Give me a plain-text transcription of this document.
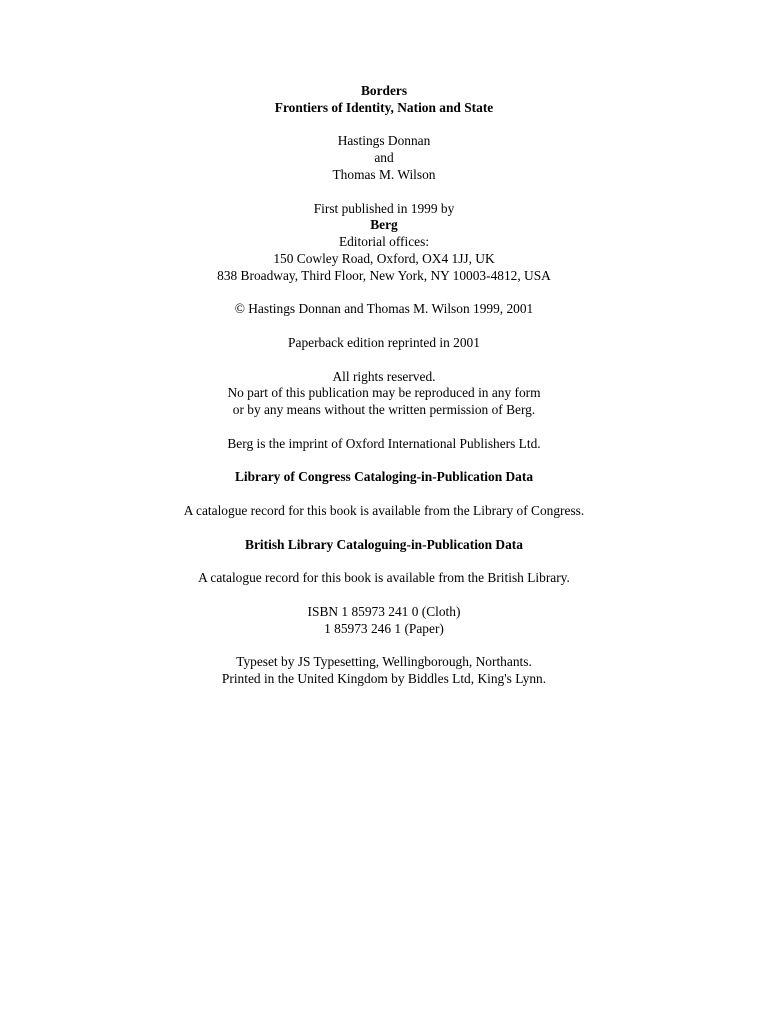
Borders
Frontiers of Identity, Nation and State
Hastings Donnan
and
Thomas M. Wilson
First published in 1999 by
Berg
Editorial offices:
150 Cowley Road, Oxford, OX4 1JJ, UK
838 Broadway, Third Floor, New York, NY 10003-4812, USA
© Hastings Donnan and Thomas M. Wilson 1999, 2001
Paperback edition reprinted in 2001
All rights reserved.
No part of this publication may be reproduced in any form
or by any means without the written permission of Berg.
Berg is the imprint of Oxford International Publishers Ltd.
Library of Congress Cataloging-in-Publication Data
A catalogue record for this book is available from the Library of Congress.
British Library Cataloguing-in-Publication Data
A catalogue record for this book is available from the British Library.
ISBN 1 85973 241 0 (Cloth)
1 85973 246 1 (Paper)
Typeset by JS Typesetting, Wellingborough, Northants.
Printed in the United Kingdom by Biddles Ltd, King's Lynn.
